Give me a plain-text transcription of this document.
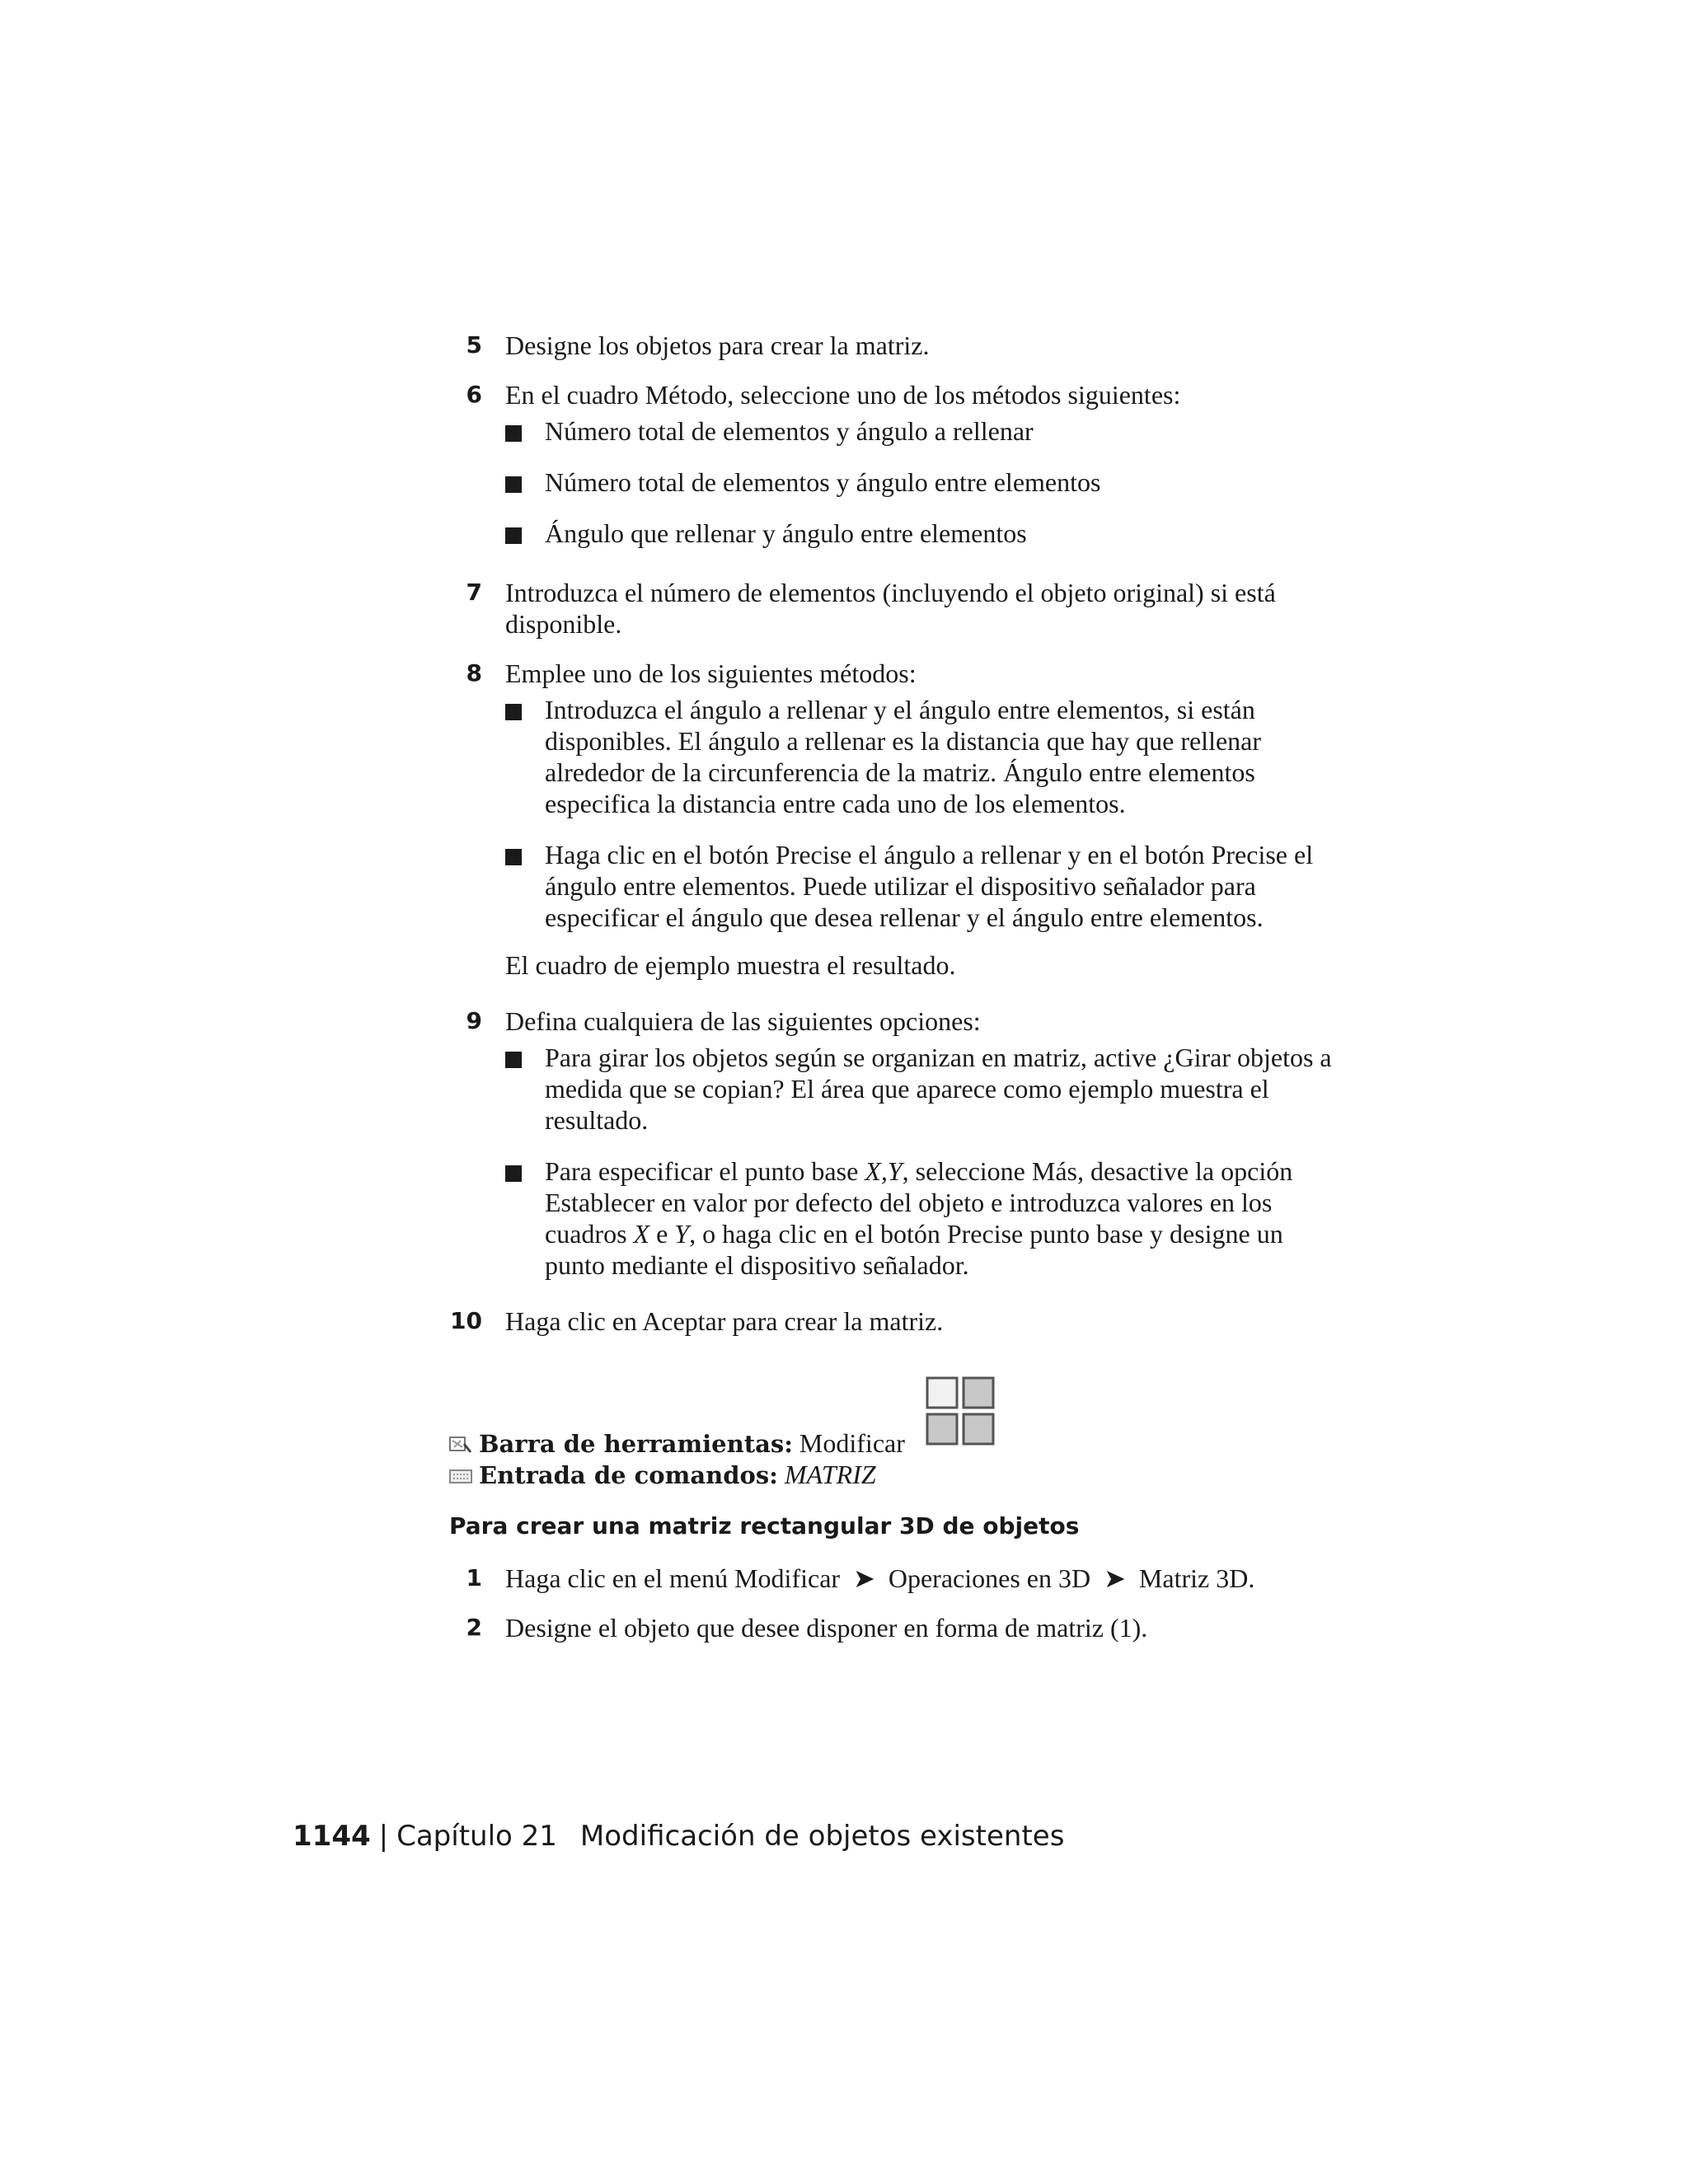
5 Designe los objetos para crear la matriz.
6 En el cuadro Método, seleccione uno de los métodos siguientes:
Número total de elementos y ángulo a rellenar
Número total de elementos y ángulo entre elementos
Ángulo que rellenar y ángulo entre elementos
7 Introduzca el número de elementos (incluyendo el objeto original) si está disponible.
8 Emplee uno de los siguientes métodos:
Introduzca el ángulo a rellenar y el ángulo entre elementos, si están disponibles. El ángulo a rellenar es la distancia que hay que rellenar alrededor de la circunferencia de la matriz. Ángulo entre elementos especifica la distancia entre cada uno de los elementos.
Haga clic en el botón Precise el ángulo a rellenar y en el botón Precise el ángulo entre elementos. Puede utilizar el dispositivo señalador para especificar el ángulo que desea rellenar y el ángulo entre elementos.
El cuadro de ejemplo muestra el resultado.
9 Defina cualquiera de las siguientes opciones:
Para girar los objetos según se organizan en matriz, active ¿Girar objetos a medida que se copian? El área que aparece como ejemplo muestra el resultado.
Para especificar el punto base X,Y, seleccione Más, desactive la opción Establecer en valor por defecto del objeto e introduzca valores en los cuadros X e Y, o haga clic en el botón Precise punto base y designe un punto mediante el dispositivo señalador.
10 Haga clic en Aceptar para crear la matriz.
Barra de herramientas: Modificar
Entrada de comandos: MATRIZ
Para crear una matriz rectangular 3D de objetos
1 Haga clic en el menú Modificar ➤ Operaciones en 3D ➤ Matriz 3D.
2 Designe el objeto que desee disponer en forma de matriz (1).
1144 | Capítulo 21 Modificación de objetos existentes
